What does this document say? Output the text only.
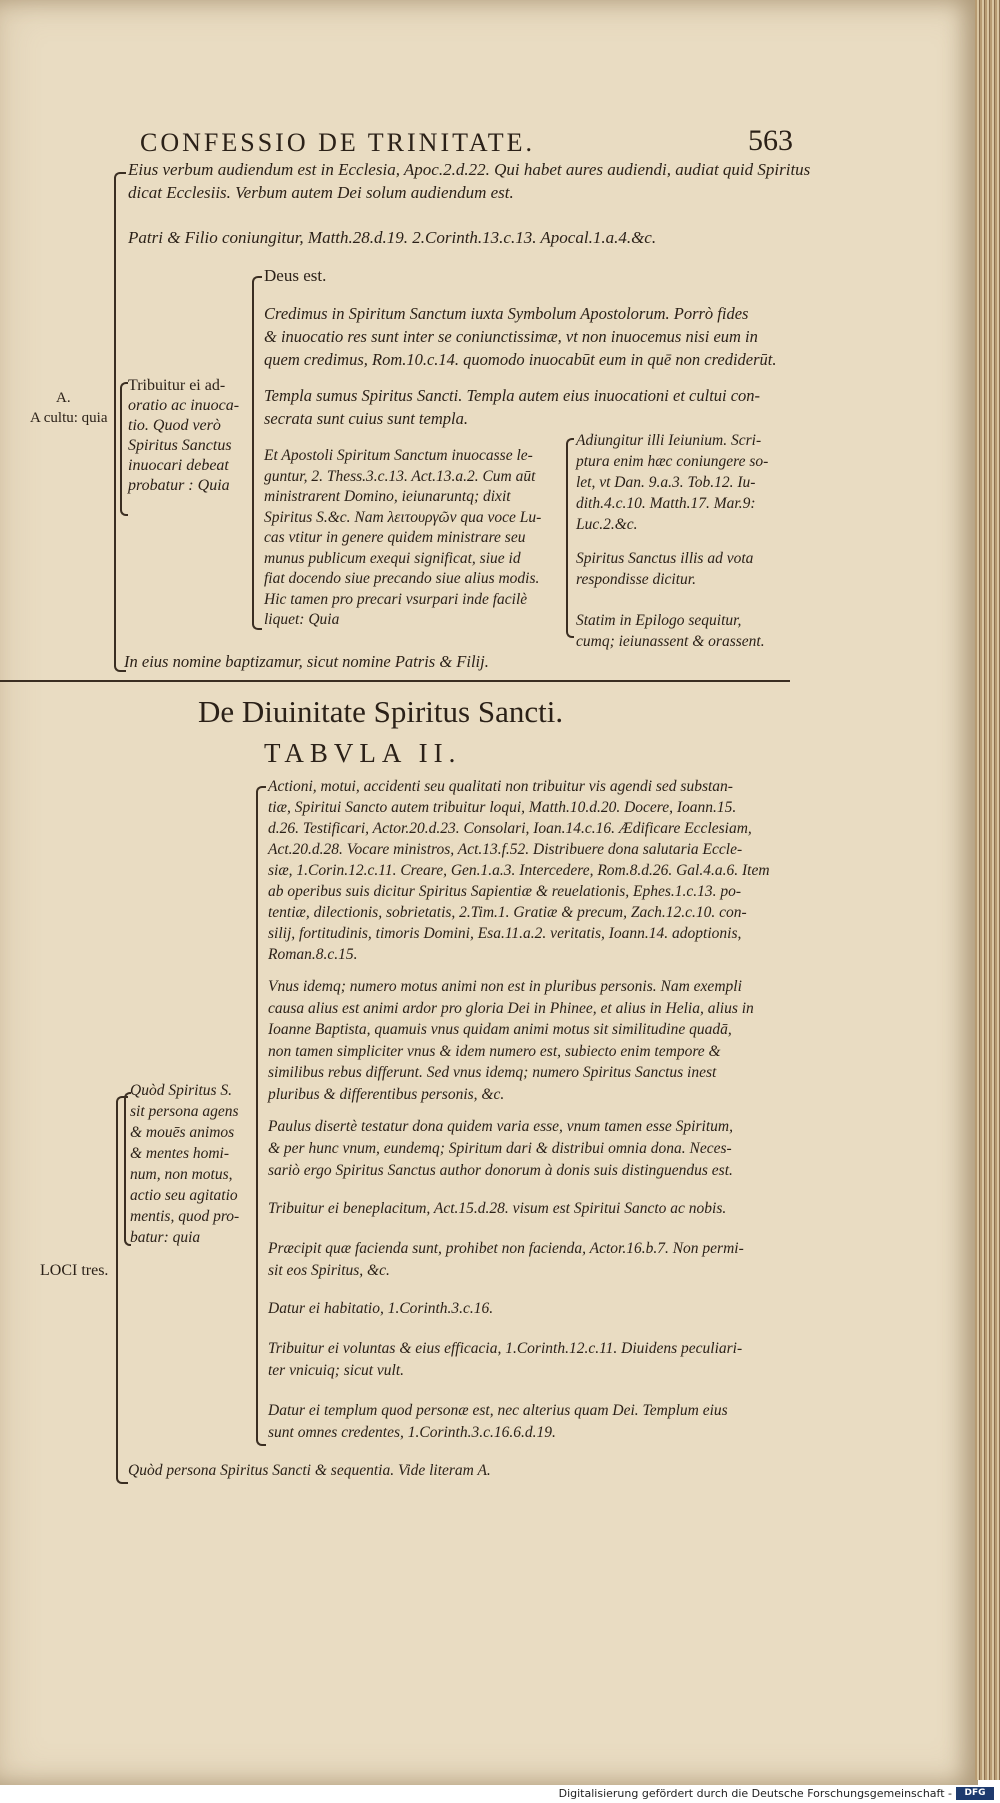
CONFESSIO DE TRINITATE.	563

Eius verbum audiendum est in Ecclesia, Apoc.2.d.22. Qui habet aures audiendi, audiat quid Spiritus

dicat Ecclesiis. Verbum autem Dei solum audiendum est.

Patri & Filio coniungitur, Matth.28.d.19. 2.Corinth.13.c.13. Apocal.1.a.4.&c.

A.

A cultu: quia

Tribuitur ei ad-
oratio ac inuoca-
tio. Quod verò
Spiritus Sanctus
inuocari debeat
probatur : Quia

Deus est.

Credimus in Spiritum Sanctum iuxta Symbolum Apostolorum. Porrò fides
& inuocatio res sunt inter se coniunctissimæ, vt non inuocemus nisi eum in
quem credimus, Rom.10.c.14. quomodo inuocabūt eum in quē non crediderūt.
Templa sumus Spiritus Sancti. Templa autem eius inuocationi et cultui con-
secrata sunt cuius sunt templa.
Et Apostoli Spiritum Sanctum inuocasse le-
guntur, 2. Thess.3.c.13. Act.13.a.2. Cum aūt
ministrarent Domino, ieiunaruntq; dixit
Spiritus S.&c. Nam λειτουργῶν qua voce Lu-
cas vtitur in genere quidem ministrare seu
munus publicum exequi significat, siue id
fiat docendo siue precando siue alius modis.
Hic tamen pro precari vsurpari inde facilè
liquet: Quia
Adiungitur illi Ieiunium. Scri-
ptura enim hæc coniungere so-
let, vt Dan. 9.a.3. Tob.12. Iu-
dith.4.c.10. Matth.17. Mar.9:
Luc.2.&c.
Spiritus Sanctus illis ad vota
respondisse dicitur.
Statim in Epilogo sequitur,
cumq; ieiunassent & orassent.

In eius nomine baptizamur, sicut nomine Patris & Filij.

De Diuinitate Spiritus Sancti.

TABVLA II.

LOCI tres.

Quòd Spiritus S.
sit persona agens
& mouēs animos
& mentes homi-
num, non motus,
actio seu agitatio
mentis, quod pro-
batur: quia
Actioni, motui, accidenti seu qualitati non tribuitur vis agendi sed substan-
tiæ, Spiritui Sancto autem tribuitur loqui, Matth.10.d.20. Docere, Ioann.15.
d.26. Testificari, Actor.20.d.23. Consolari, Ioan.14.c.16. Ædificare Ecclesiam,
Act.20.d.28. Vocare ministros, Act.13.f.52. Distribuere dona salutaria Eccle-
siæ, 1.Corin.12.c.11. Creare, Gen.1.a.3. Intercedere, Rom.8.d.26. Gal.4.a.6. Item
ab operibus suis dicitur Spiritus Sapientiæ & reuelationis, Ephes.1.c.13. po-
tentiæ, dilectionis, sobrietatis, 2.Tim.1. Gratiæ & precum, Zach.12.c.10. con-
silij, fortitudinis, timoris Domini, Esa.11.a.2. veritatis, Ioann.14. adoptionis,
Roman.8.c.15.
Vnus idemq; numero motus animi non est in pluribus personis. Nam exempli
causa alius est animi ardor pro gloria Dei in Phinee, et alius in Helia, alius in
Ioanne Baptista, quamuis vnus quidam animi motus sit similitudine quadā,
non tamen simpliciter vnus & idem numero est, subiecto enim tempore &
similibus rebus differunt. Sed vnus idemq; numero Spiritus Sanctus inest
pluribus & differentibus personis, &c.
Paulus disertè testatur dona quidem varia esse, vnum tamen esse Spiritum,
& per hunc vnum, eundemq; Spiritum dari & distribui omnia dona. Neces-
sariò ergo Spiritus Sanctus author donorum à donis suis distinguendus est.

Tribuitur ei beneplacitum, Act.15.d.28. visum est Spiritui Sancto ac nobis.

Præcipit quæ facienda sunt, prohibet non facienda, Actor.16.b.7. Non permi-
sit eos Spiritus, &c.

Datur ei habitatio, 1.Corinth.3.c.16.

Tribuitur ei voluntas & eius efficacia, 1.Corinth.12.c.11. Diuidens peculiari-
ter vnicuiq; sicut vult.
Datur ei templum quod personæ est, nec alterius quam Dei. Templum eius
sunt omnes credentes, 1.Corinth.3.c.16.6.d.19.

Quòd persona Spiritus Sancti & sequentia. Vide literam A.

Digitalisierung gefördert durch die Deutsche Forschungsgemeinschaft -	DFG
